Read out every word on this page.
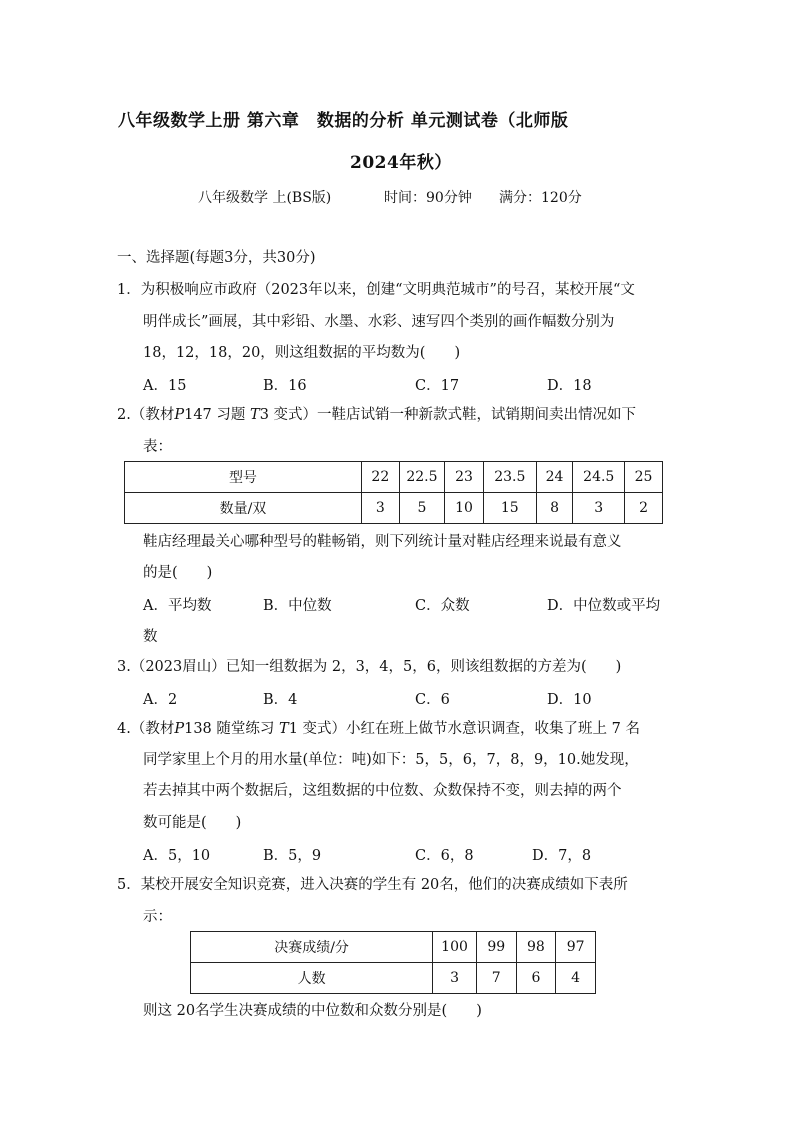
八年级数学上册 第六章　数据的分析 单元测试卷（北师版
2024年秋）
八年级数学 上(BS版)	时间：90分钟 满分：120分
一、选择题(每题3分，共30分)
1．为积极响应市政府（2023年以来，创建“文明典范城市”的号召，某校开展“文
明伴成长”画展，其中彩铅、水墨、水彩、速写四个类别的画作幅数分别为
18，12，18，20，则这组数据的平均数为(　　)
A．15	B．16	C．17	D．18
2.（教材P147 习题 T3 变式）一鞋店试销一种新款式鞋，试销期间卖出情况如下
表：
型号	22	22.5	23	23.5	24	24.5	25
数量/双	3	5	10	15	8	3	2
鞋店经理最关心哪种型号的鞋畅销，则下列统计量对鞋店经理来说最有意义
的是(　　)
A．平均数	B．中位数	C．众数	D．中位数或平均
数
3.（2023眉山）已知一组数据为 2，3，4，5，6，则该组数据的方差为(　　)
A．2	B．4	C．6	D．10
4.（教材P138 随堂练习 T1 变式）小红在班上做节水意识调查，收集了班上 7 名
同学家里上个月的用水量(单位：吨)如下：5，5，6，7，8，9，10.她发现，
若去掉其中两个数据后，这组数据的中位数、众数保持不变，则去掉的两个
数可能是(　　)
A．5，10	B．5，9	C．6，8	D．7，8
5．某校开展安全知识竞赛，进入决赛的学生有 20名，他们的决赛成绩如下表所
示：
决赛成绩/分	100	99	98	97
人数	3	7	6	4
则这 20名学生决赛成绩的中位数和众数分别是(　　)
